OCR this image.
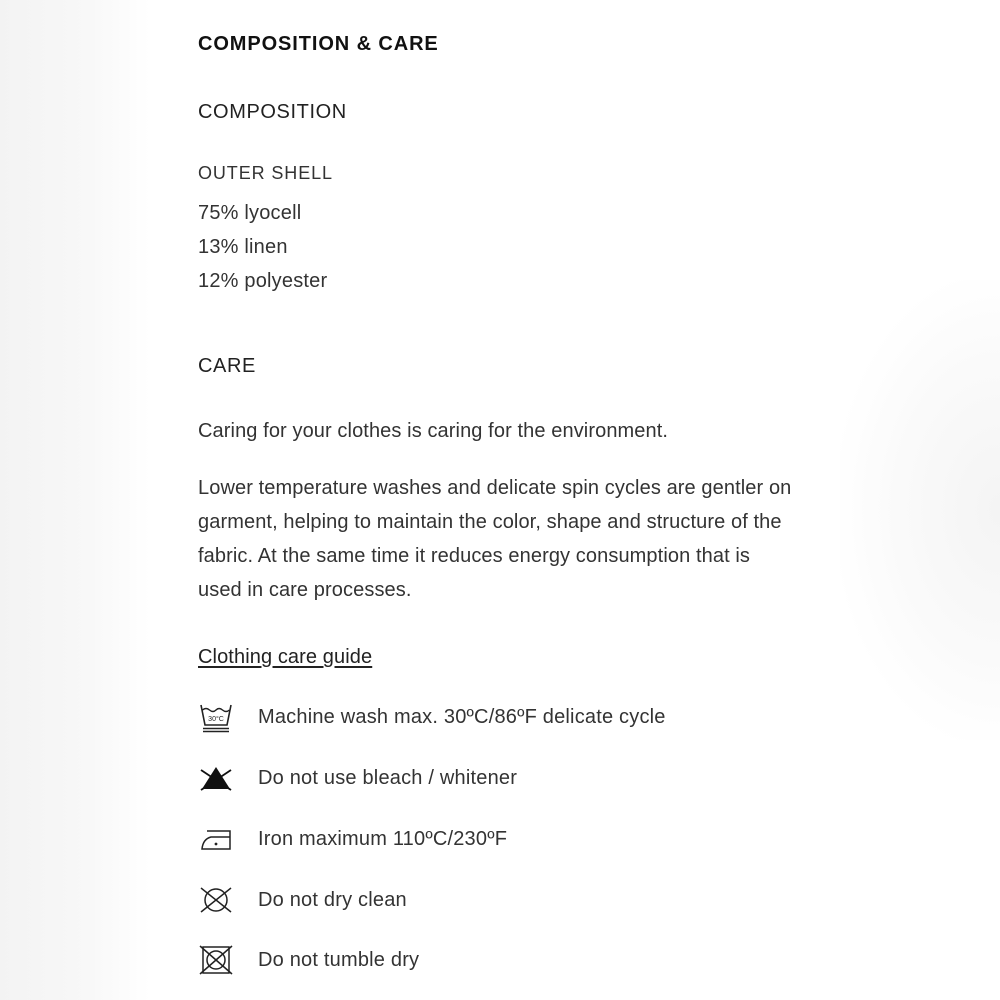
COMPOSITION & CARE
COMPOSITION
OUTER SHELL
75% lyocell
13% linen
12% polyester
CARE
Caring for your clothes is caring for the environment.
Lower temperature washes and delicate spin cycles are gentler on garment, helping to maintain the color, shape and structure of the fabric. At the same time it reduces energy consumption that is used in care processes.
Clothing care guide
30°C Machine wash max. 30ºC/86ºF delicate cycle
Do not use bleach / whitener
Iron maximum 110ºC/230ºF
Do not dry clean
Do not tumble dry
